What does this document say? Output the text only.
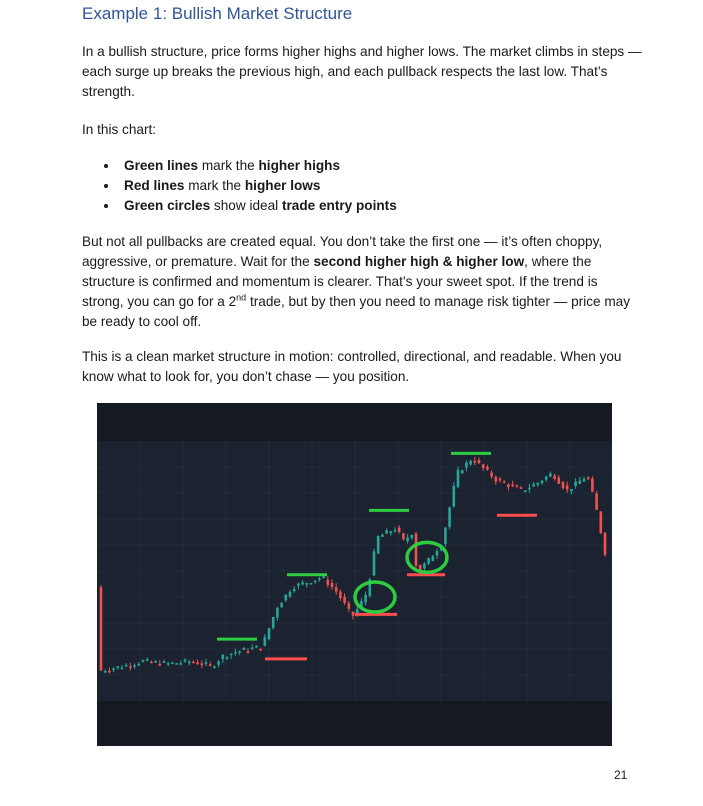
Example 1: Bullish Market Structure

In a bullish structure, price forms higher highs and higher lows. The market climbs in steps — each surge up breaks the previous high, and each pullback respects the last low. That’s strength.

In this chart:

Green lines mark the higher highs
Red lines mark the higher lows
Green circles show ideal trade entry points

But not all pullbacks are created equal. You don’t take the first one — it’s often choppy, aggressive, or premature. Wait for the second higher high & higher low, where the structure is confirmed and momentum is clearer. That’s your sweet spot. If the trend is strong, you can go for a 2nd trade, but by then you need to manage risk tighter — price may be ready to cool off.

This is a clean market structure in motion: controlled, directional, and readable. When you know what to look for, you don’t chase — you position.

21
